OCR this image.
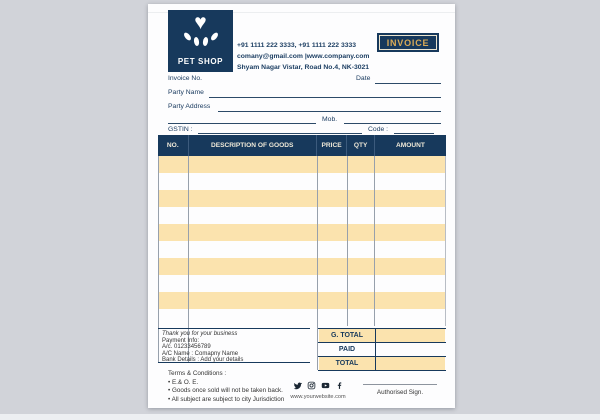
♥
PET SHOP
+91 1111 222 3333, +91 1111 222 3333
comany@gmail.com |www.company.com
Shyam Nagar Vistar, Road No.4, NK-3021
INVOICE
Invoice No.	Date
Party Name
Party Address
Mob.
GSTIN :	Code :
NO.	DESCRIPTION OF GOODS	PRICE	QTY	AMOUNT
Thank you for your business
Payment Info:
A/c. 01233456789
A/C Name : Comapny Name
Bank Details : Add your details
G. TOTAL
PAID
TOTAL
Terms & Conditions :
• E.& O. E.
• Goods once sold will not be taken back.
• All subject are subject to city Jurisdiction	www.yourwebsite.com
Authorised Sign.
